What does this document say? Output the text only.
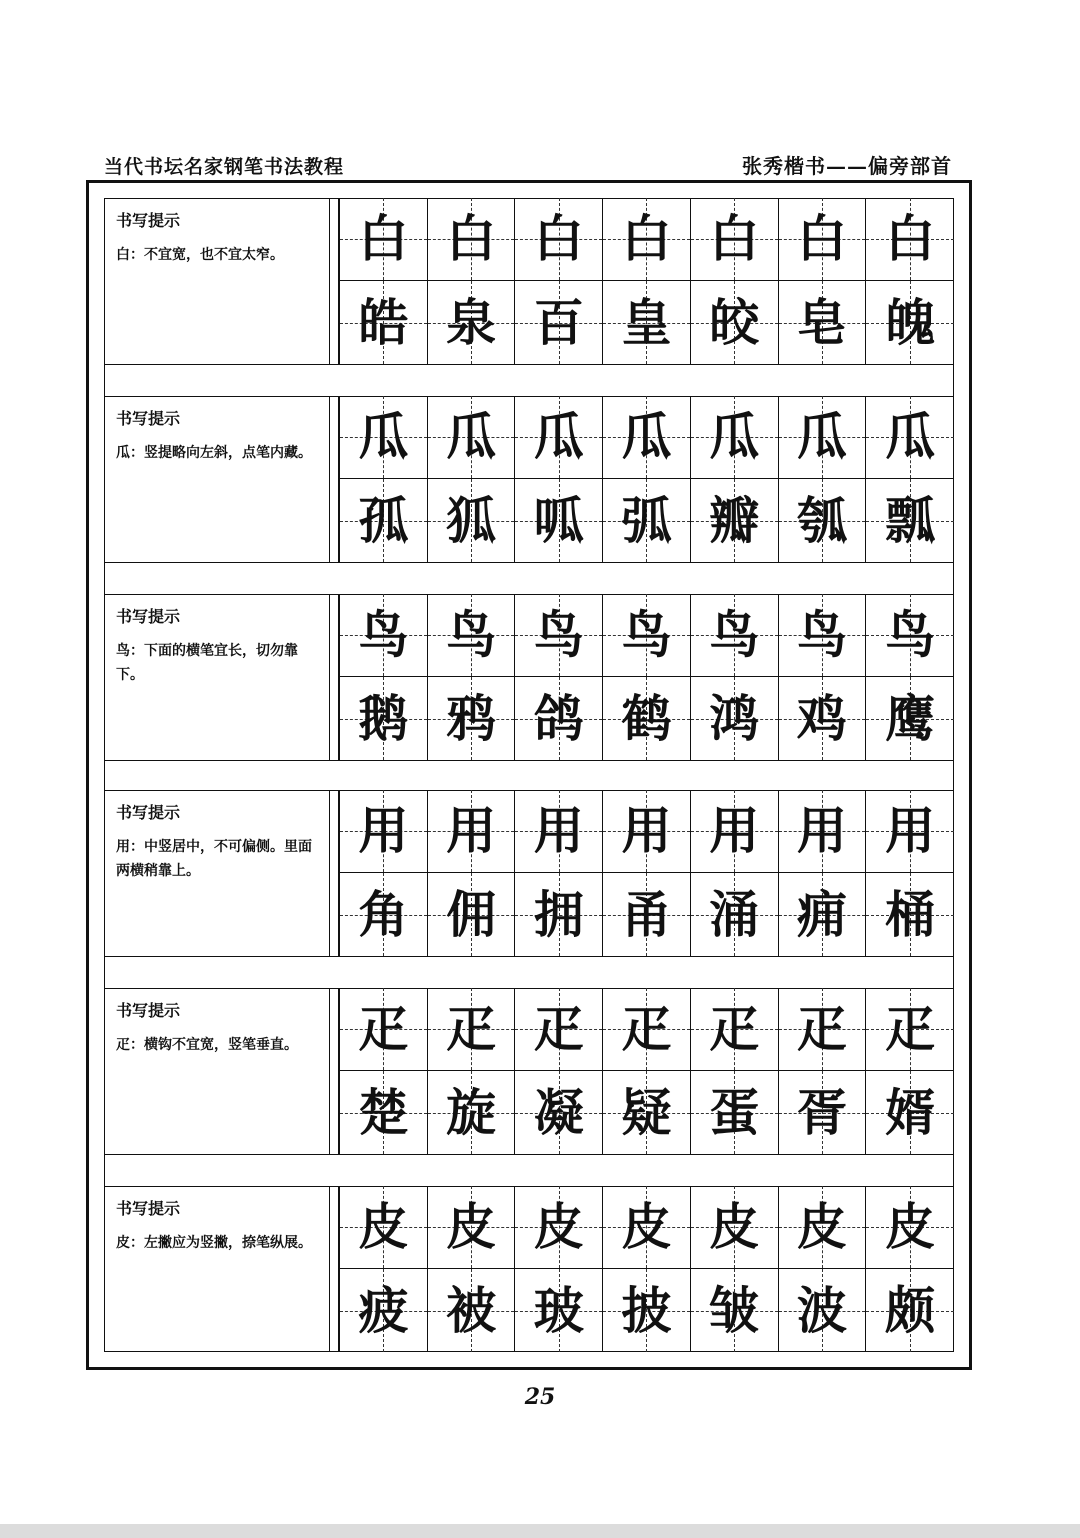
当代书坛名家钢笔书法教程	张秀楷书——偏旁部首
书写提示
白：不宜宽，也不宜太窄。	白 白 白 白 白 白 白
皓 泉 百 皇 皎 皂 魄
书写提示
瓜：竖提略向左斜，点笔内藏。 瓜 瓜 瓜 瓜 瓜 瓜 瓜
孤 狐 呱 弧 瓣 瓠 瓢
书写提示
鸟：下面的横笔宜长，切勿靠下。
鸟 鸟 鸟 鸟 鸟 鸟 鸟
鹅 鸦 鸽 鹤 鸿 鸡 鹰
书写提示
用：中竖居中，不可偏侧。里面两横稍靠上。
用 用 用 用 用 用 用
角 佣 拥 甬 涌 痈 桶
书写提示
疋：横钩不宜宽，竖笔垂直。	疋 疋 疋 疋 疋 疋 疋
楚 旋 凝 疑 蛋 胥 婿
书写提示
皮：左撇应为竖撇，捺笔纵展。 皮 皮 皮 皮 皮 皮 皮
疲 被 玻 披 皱 波 颇
25
